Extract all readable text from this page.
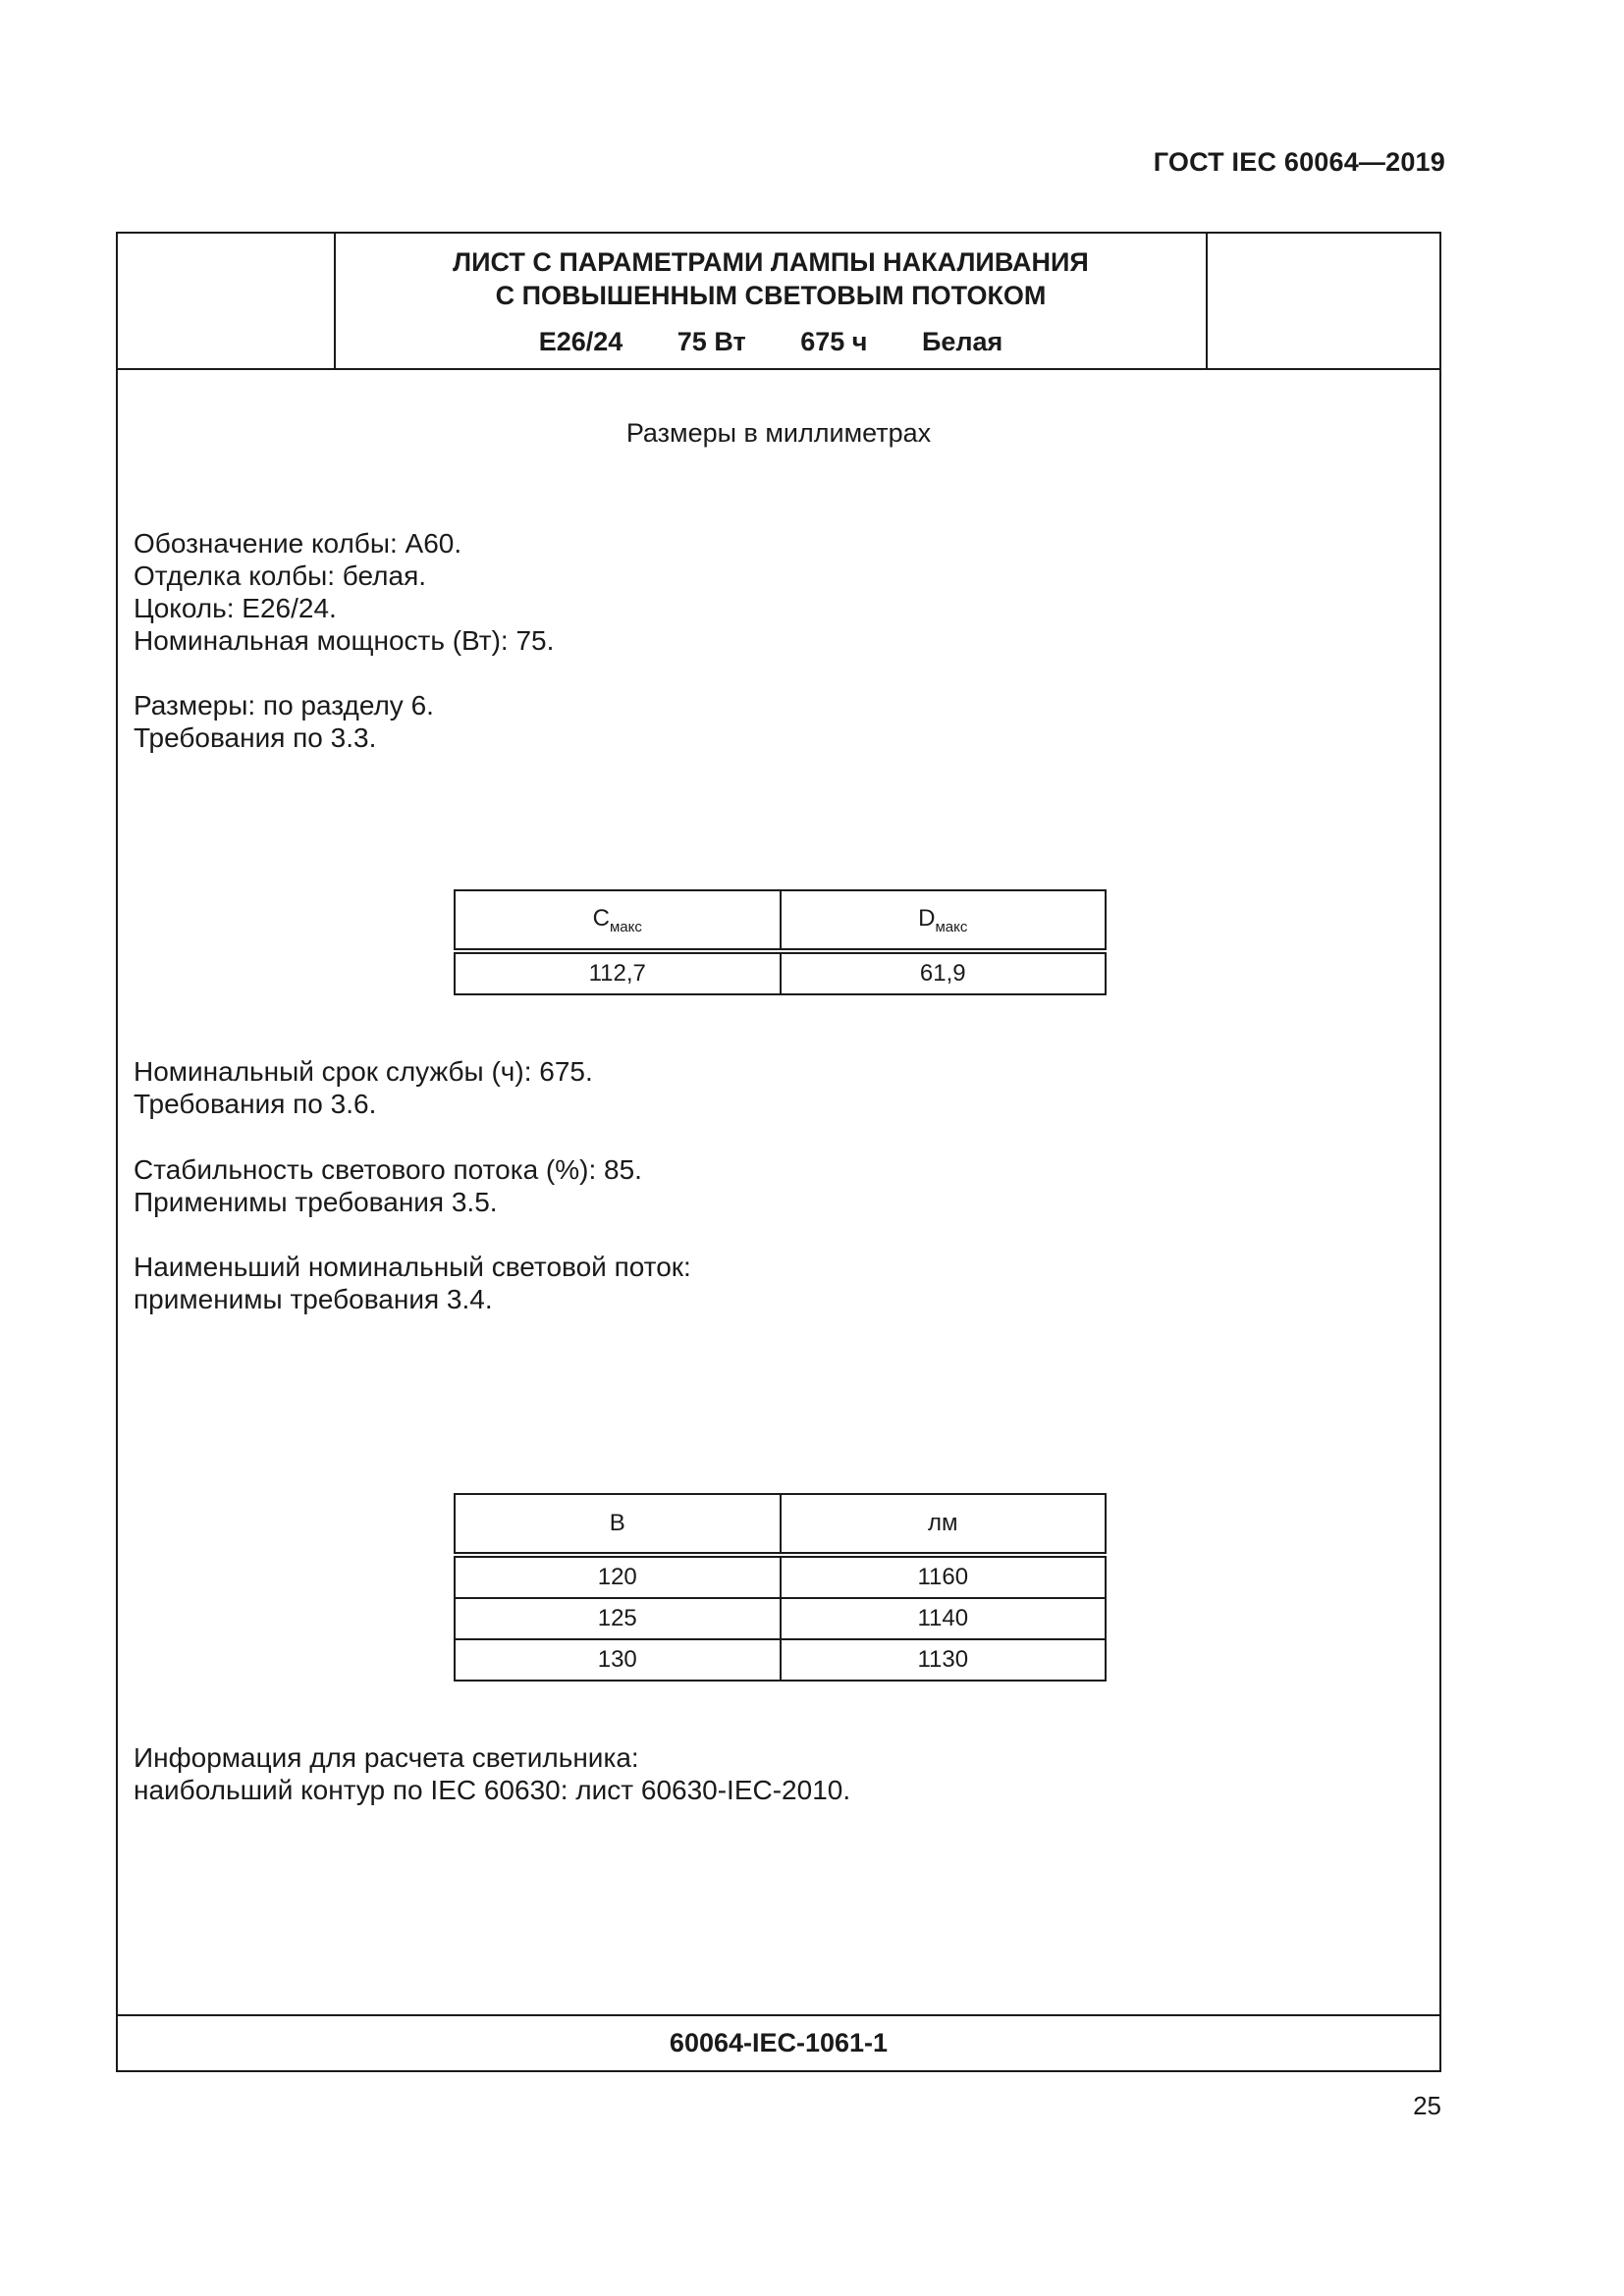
ГОСТ IEC 60064—2019
ЛИСТ С ПАРАМЕТРАМИ ЛАМПЫ НАКАЛИВАНИЯ
С ПОВЫШЕННЫМ СВЕТОВЫМ ПОТОКОМ
E26/24 75 Вт 675 ч Белая
Размеры в миллиметрах
Обозначение колбы: А60.
Отделка колбы: белая.
Цоколь: E26/24.
Номинальная мощность (Вт): 75.
Размеры: по разделу 6.
Требования по 3.3.
$C_{макс}$	$D_{макс}$
112,7	61,9
Номинальный срок службы (ч): 675.
Требования по 3.6.
Стабильность светового потока (%): 85.
Применимы требования 3.5.
Наименьший номинальный световой поток:
применимы требования 3.4.
В	лм
120	1160
125	1140
130	1130
Информация для расчета светильника:
наибольший контур по IEC 60630: лист 60630-IEC-2010.
60064-IEC-1061-1
25
